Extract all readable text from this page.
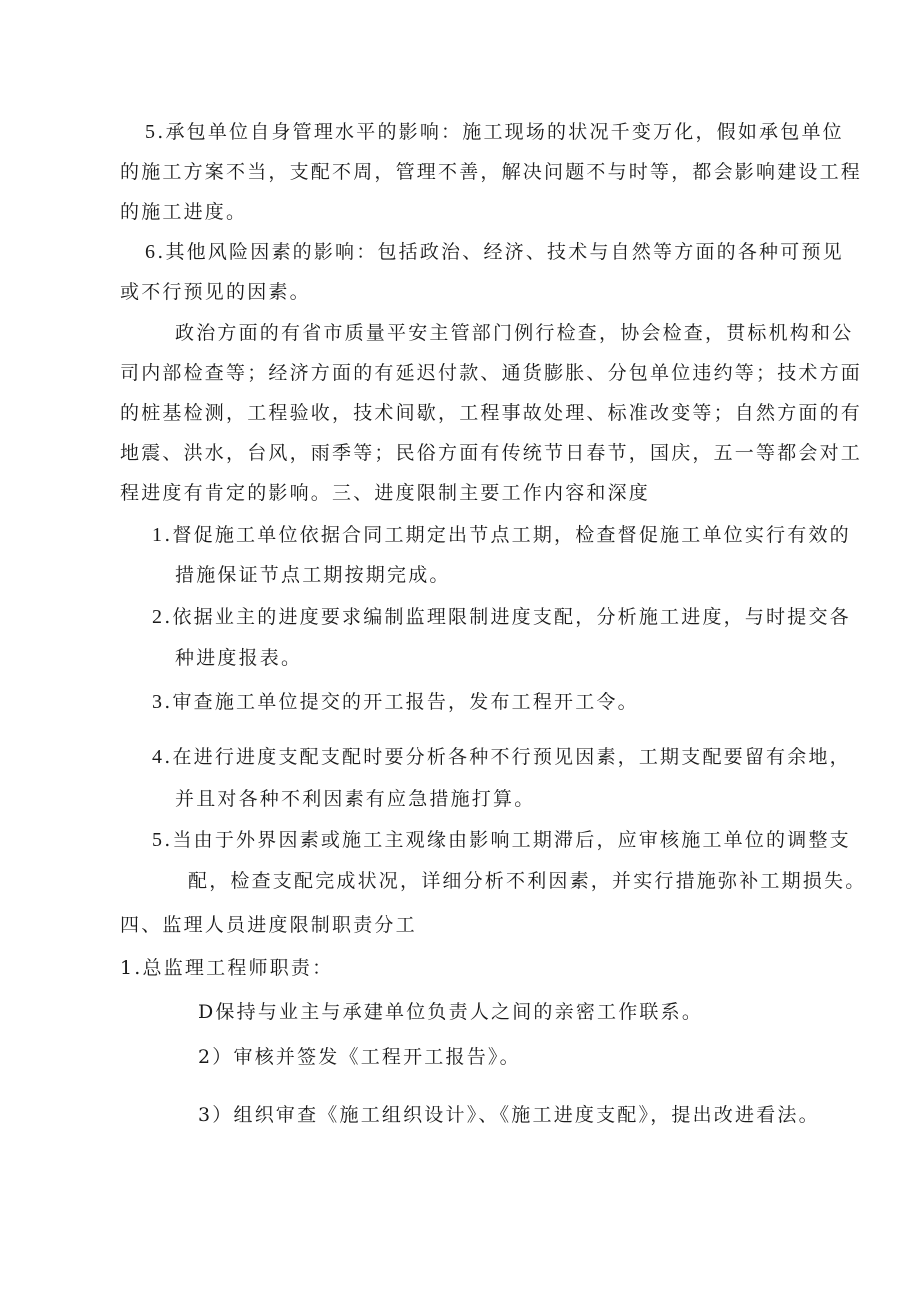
5.承包单位自身管理水平的影响：施工现场的状况千变万化，假如承包单位
的施工方案不当，支配不周，管理不善，解决问题不与时等，都会影响建设工程
的施工进度。
6.其他风险因素的影响：包括政治、经济、技术与自然等方面的各种可预见
或不行预见的因素。
政治方面的有省市质量平安主管部门例行检查，协会检查，贯标机构和公
司内部检查等；经济方面的有延迟付款、通货膨胀、分包单位违约等；技术方面
的桩基检测，工程验收，技术间歇，工程事故处理、标准改变等；自然方面的有
地震、洪水，台风，雨季等；民俗方面有传统节日春节，国庆，五一等都会对工
程进度有肯定的影响。三、进度限制主要工作内容和深度
1.督促施工单位依据合同工期定出节点工期，检查督促施工单位实行有效的
措施保证节点工期按期完成。
2.依据业主的进度要求编制监理限制进度支配，分析施工进度，与时提交各
种进度报表。
3.审查施工单位提交的开工报告，发布工程开工令。
4.在进行进度支配支配时要分析各种不行预见因素，工期支配要留有余地，
并且对各种不利因素有应急措施打算。
5.当由于外界因素或施工主观缘由影响工期滞后，应审核施工单位的调整支
配，检查支配完成状况，详细分析不利因素，并实行措施弥补工期损失。
四、监理人员进度限制职责分工
1.总监理工程师职责：
D保持与业主与承建单位负责人之间的亲密工作联系。
2）审核并签发《工程开工报告》。
3）组织审查《施工组织设计》、《施工进度支配》，提出改进看法。
